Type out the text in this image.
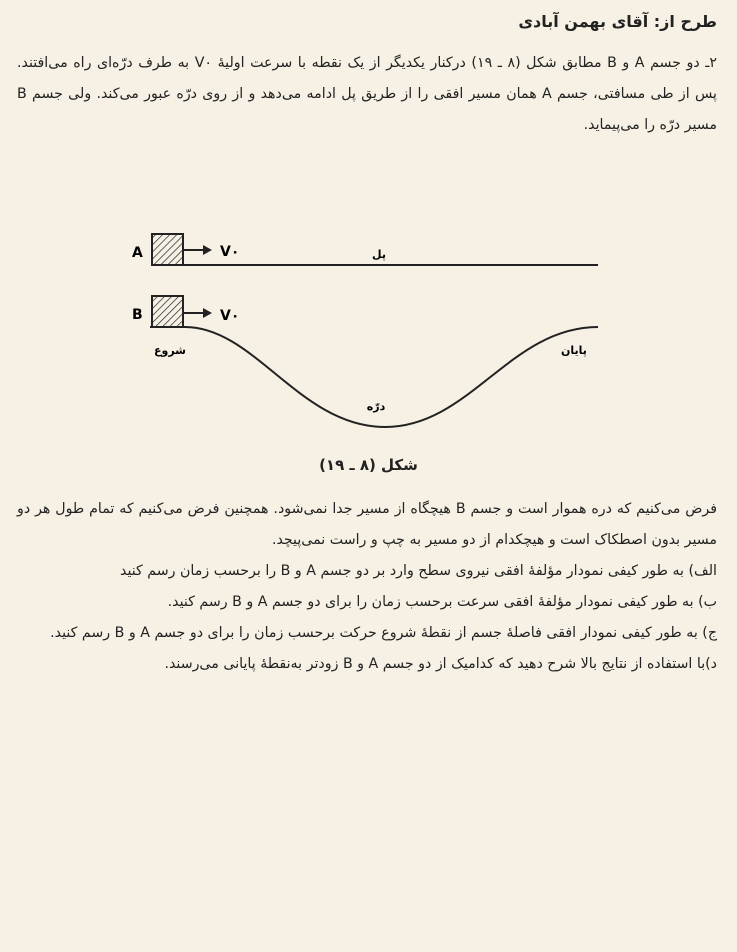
طرح از: آقای بهمن آبادی
۲ـ دو جسم A و B مطابق شکل (۸ ـ ۱۹) درکنار یکدیگر از یک نقطه با سرعت اولیهٔ V۰ به طرف درّه‌ای راه می‌افتند. پس از طی مسافتی، جسم A همان مسیر افقی را از طریق پل ادامه می‌دهد و از روی درّه عبور می‌کند. ولی جسم B مسیر درّه را می‌پیماید.
A	V۰	پل
B	V۰
شروع	پایان
درّه
شکل (۸ ـ ۱۹)
فرض می‌کنیم که دره هموار است و جسم B هیچگاه از مسیر جدا نمی‌شود. همچنین فرض می‌کنیم که تمام طول هر دو مسیر بدون اصطکاک است و هیچکدام از دو مسیر به چپ و راست نمی‌پیچد.
الف) به طور کیفی نمودار مؤلفهٔ افقی نیروی سطح وارد بر دو جسم A و B را برحسب زمان رسم کنید
ب) به طور کیفی نمودار مؤلفهٔ افقی سرعت برحسب زمان را برای دو جسم A و B رسم کنید.
ج) به طور کیفی نمودار افقی فاصلهٔ جسم از نقطهٔ شروع حرکت برحسب زمان را برای دو جسم A و B رسم کنید.
د)با استفاده از نتایج بالا شرح دهید که کدامیک از دو جسم A و B زودتر به‌نقطهٔ پایانی می‌رسند.
